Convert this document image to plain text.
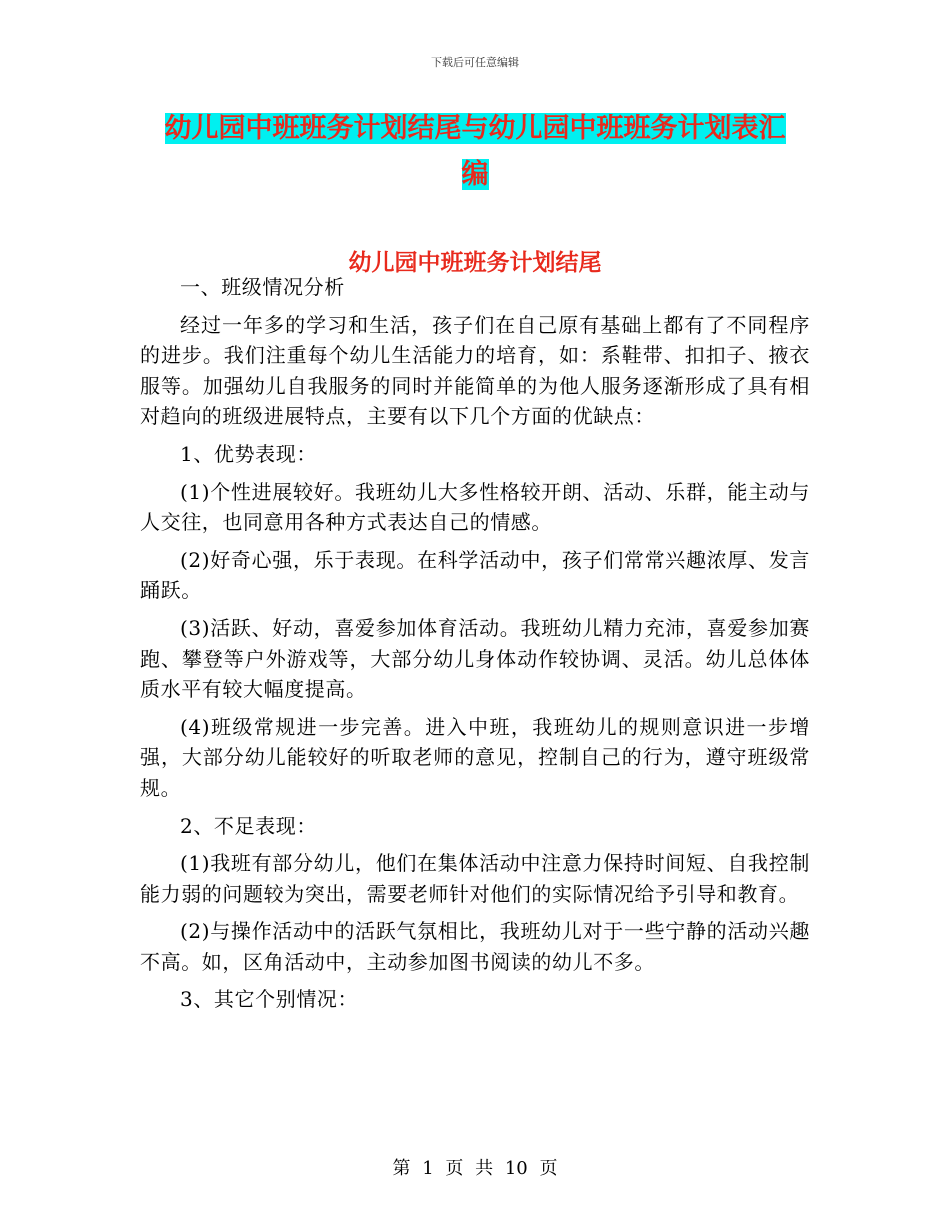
下载后可任意编辑
幼儿园中班班务计划结尾与幼儿园中班班务计划表汇
编
幼儿园中班班务计划结尾

一、班级情况分析

经过一年多的学习和生活，孩子们在自己原有基础上都有了不同程序的进步。我们注重每个幼儿生活能力的培育，如：系鞋带、扣扣子、掖衣服等。加强幼儿自我服务的同时并能简单的为他人服务逐渐形成了具有相对趋向的班级进展特点，主要有以下几个方面的优缺点：

1、优势表现：

(1)个性进展较好。我班幼儿大多性格较开朗、活动、乐群，能主动与人交往，也同意用各种方式表达自己的情感。

(2)好奇心强，乐于表现。在科学活动中，孩子们常常兴趣浓厚、发言踊跃。

(3)活跃、好动，喜爱参加体育活动。我班幼儿精力充沛，喜爱参加赛跑、攀登等户外游戏等，大部分幼儿身体动作较协调、灵活。幼儿总体体质水平有较大幅度提高。

(4)班级常规进一步完善。进入中班，我班幼儿的规则意识进一步增强，大部分幼儿能较好的听取老师的意见，控制自己的行为，遵守班级常规。

2、不足表现：

(1)我班有部分幼儿，他们在集体活动中注意力保持时间短、自我控制能力弱的问题较为突出，需要老师针对他们的实际情况给予引导和教育。

(2)与操作活动中的活跃气氛相比，我班幼儿对于一些宁静的活动兴趣不高。如，区角活动中，主动参加图书阅读的幼儿不多。

3、其它个别情况：

第 1 页 共 10 页
